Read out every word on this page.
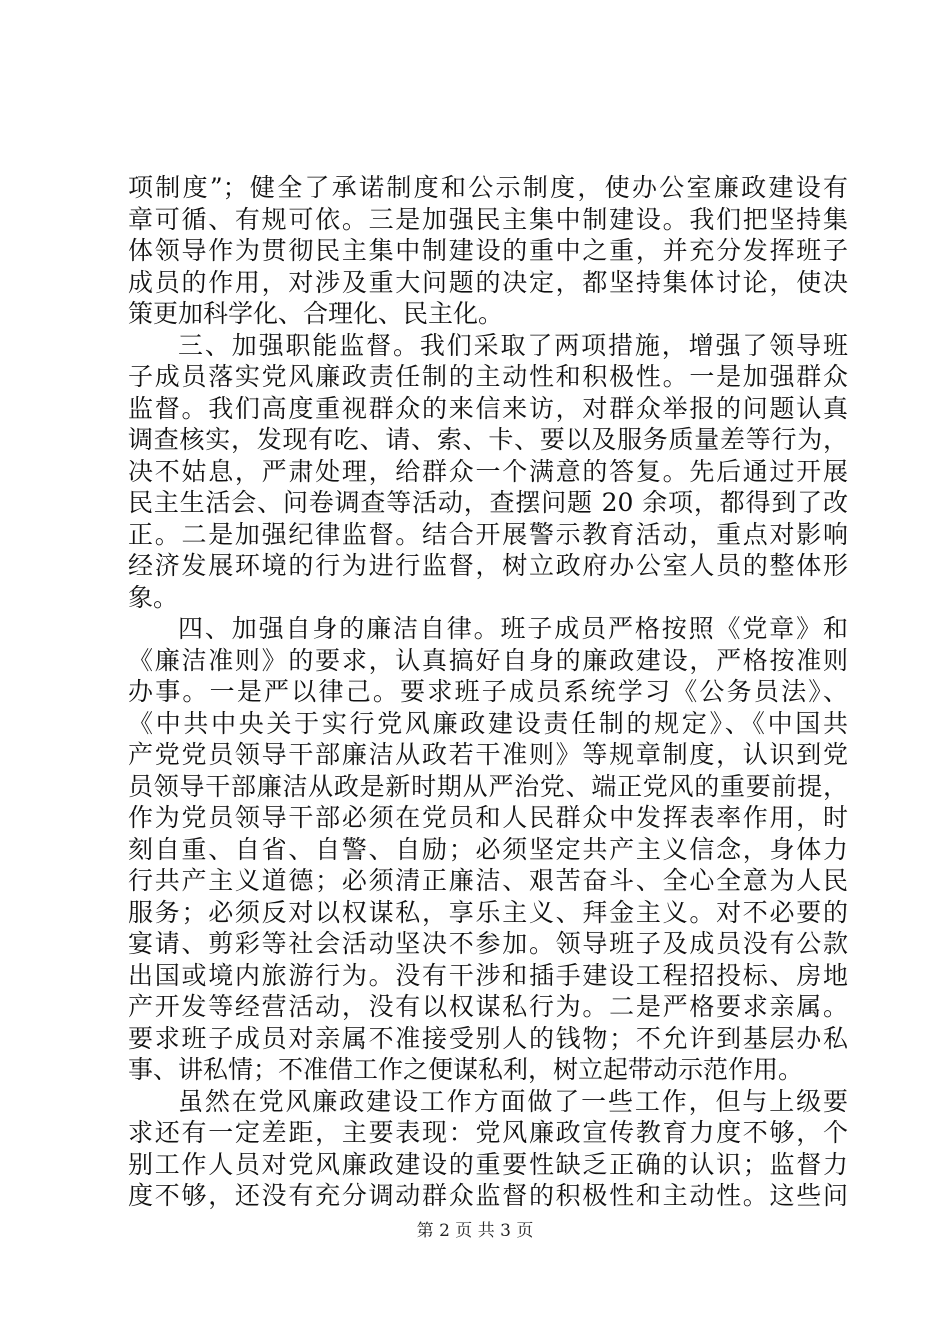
项制度”；健全了承诺制度和公示制度，使办公室廉政建设有
章可循、有规可依。三是加强民主集中制建设。我们把坚持集
体领导作为贯彻民主集中制建设的重中之重，并充分发挥班子
成员的作用，对涉及重大问题的决定，都坚持集体讨论，使决
策更加科学化、合理化、民主化。
三、加强职能监督。我们采取了两项措施，增强了领导班
子成员落实党风廉政责任制的主动性和积极性。一是加强群众
监督。我们高度重视群众的来信来访，对群众举报的问题认真
调查核实，发现有吃、请、索、卡、要以及服务质量差等行为，
决不姑息，严肃处理，给群众一个满意的答复。先后通过开展
民主生活会、问卷调查等活动，查摆问题 20 余项，都得到了改
正。二是加强纪律监督。结合开展警示教育活动，重点对影响
经济发展环境的行为进行监督，树立政府办公室人员的整体形
象。
四、加强自身的廉洁自律。班子成员严格按照《党章》和
《廉洁准则》的要求，认真搞好自身的廉政建设，严格按准则
办事。一是严以律己。要求班子成员系统学习《公务员法》、
《中共中央关于实行党风廉政建设责任制的规定》、《中国共
产党党员领导干部廉洁从政若干准则》等规章制度，认识到党
员领导干部廉洁从政是新时期从严治党、端正党风的重要前提，
作为党员领导干部必须在党员和人民群众中发挥表率作用，时
刻自重、自省、自警、自励；必须坚定共产主义信念，身体力
行共产主义道德；必须清正廉洁、艰苦奋斗、全心全意为人民
服务；必须反对以权谋私，享乐主义、拜金主义。对不必要的
宴请、剪彩等社会活动坚决不参加。领导班子及成员没有公款
出国或境内旅游行为。没有干涉和插手建设工程招投标、房地
产开发等经营活动，没有以权谋私行为。二是严格要求亲属。
要求班子成员对亲属不准接受别人的钱物；不允许到基层办私
事、讲私情；不准借工作之便谋私利，树立起带动示范作用。
虽然在党风廉政建设工作方面做了一些工作，但与上级要
求还有一定差距，主要表现：党风廉政宣传教育力度不够，个
别工作人员对党风廉政建设的重要性缺乏正确的认识；监督力
度不够，还没有充分调动群众监督的积极性和主动性。这些问
第 2 页 共 3 页
